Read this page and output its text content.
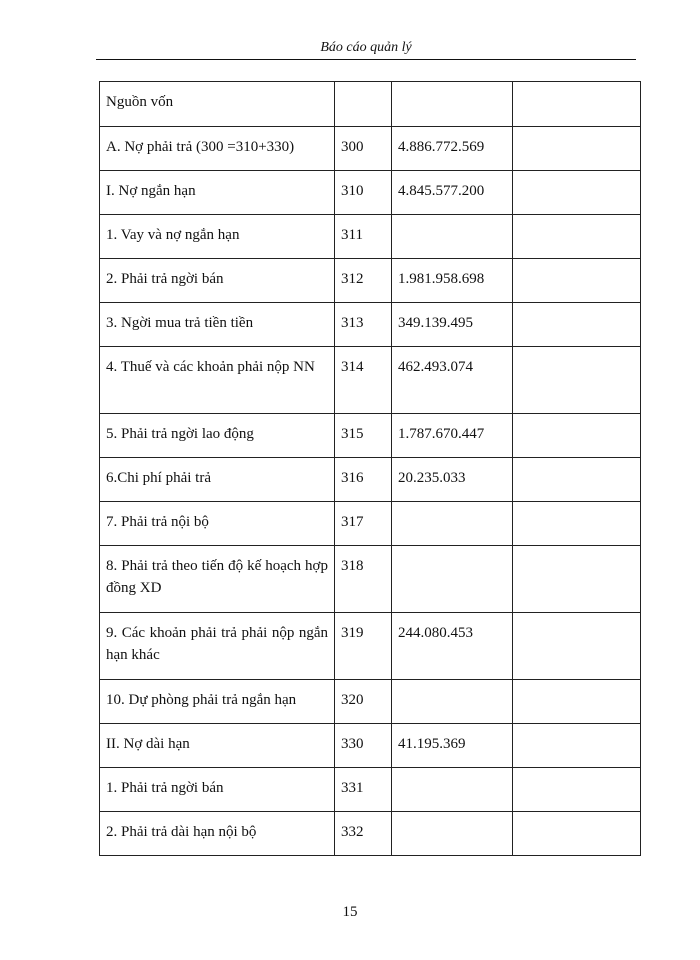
Báo cáo quản lý
Nguồn vốn			
A. Nợ phải trả (300 =310+330)	300	4.886.772.569	
I. Nợ ngắn hạn	310	4.845.577.200	
1. Vay và nợ ngắn hạn	311		
2. Phải trả ngời bán	312	1.981.958.698	
3. Ngời mua trả tiền tiền	313	349.139.495	
4. Thuế và các khoản phải nộp NN	314	462.493.074	
5. Phải trả ngời lao động	315	1.787.670.447	
6.Chi phí phải trả	316	20.235.033	
7. Phải trả nội bộ	317		
8. Phải trả theo tiến độ kế hoạch hợp đồng XD	318		
9. Các khoản phải trả phải nộp ngắn hạn khác	319	244.080.453	
10. Dự phòng phải trả ngắn hạn	320		
II. Nợ dài hạn	330	41.195.369	
1. Phải trả ngời bán	331		
2. Phải trả dài hạn nội bộ	332		
15
